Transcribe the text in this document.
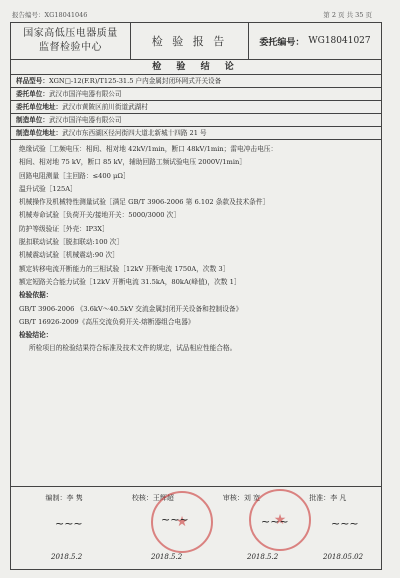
报告编号：XG18041046	第 2 页 共 35 页
国家高低压电器质量
监督检验中心	检 验 报 告	委托编号： WG18041027
检 验 结 论
样品型号：XGN□-12(F.R)/T125-31.5 户内金属封闭环网式开关设备
委托单位：武汉市国洋电器有限公司
委托单位地址：武汉市黄陂区前川街道武湖村
制造单位：武汉市国洋电器有限公司
制造单位地址：武汉市东西湖区径河街四大道北新城十四路 21 号
绝缘试验［工频电压：相间、相对地 42kV/1min，断口 48kV/1min；雷电冲击电压：
相间、相对地 75 kV，断口 85 kV，辅助回路工频试验电压 2000V/1min］
回路电阻测量［主回路：≤400 μΩ］
温升试验［125A］
机械操作及机械特性测量试验［满足 GB/T 3906-2006 第 6.102 条款及技术条件］
机械寿命试验［负荷开关/接地开关：5000/3000 次］
防护等级验证［外壳：IP3X］
脱扣联动试验［脱扣联动:100 次］
机械震动试验［机械震动:90 次］
额定转移电流开断能力的三相试验［12kV 开断电流 1750A，次数 3］
额定短路关合能力试验［12kV 开断电流 31.5kA，80kA(峰值)，次数 1］
检验依据：
GB/T 3906-2006 《3.6kV～40.5kV 交流金属封闭开关设备和控制设备》
GB/T 16926-2009《高压交流负荷开关-熔断器组合电器》
检验结论：
所检项目的检验结果符合标准及技术文件的规定，试品相应性能合格。
★
★
编制：李 隽	校核：王辉超	审核：刘 宽	批准：李 凡
~~~	~~~	~~~	~~~
2018.5.2	2018.5.2	2018.5.2	2018.05.02
